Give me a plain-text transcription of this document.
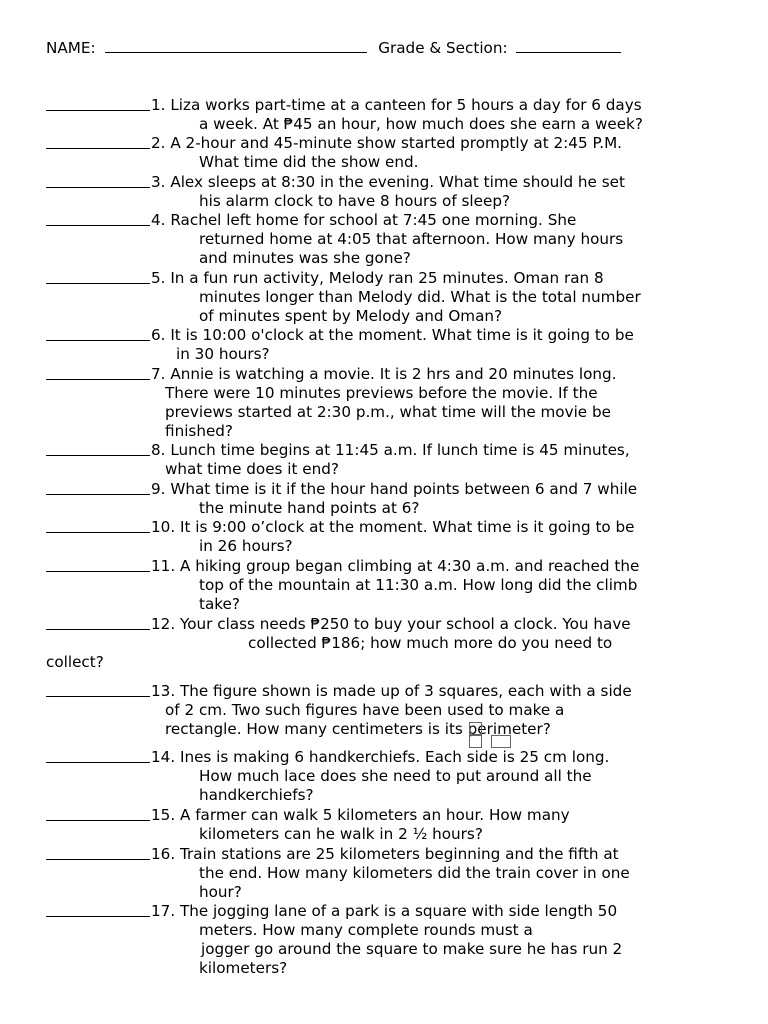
NAME:	Grade & Section:
1. Liza works part-time at a canteen for 5 hours a day for 6 days
a week. At ₱45 an hour, how much does she earn a week?
2. A 2-hour and 45-minute show started promptly at 2:45 P.M.
What time did the show end.
3. Alex sleeps at 8:30 in the evening. What time should he set
his alarm clock to have 8 hours of sleep?
4. Rachel left home for school at 7:45 one morning. She
returned home at 4:05 that afternoon. How many hours
and minutes was she gone?
5. In a fun run activity, Melody ran 25 minutes. Oman ran 8
minutes longer than Melody did. What is the total number
of minutes spent by Melody and Oman?
6. It is 10:00 o'clock at the moment. What time is it going to be
in 30 hours?
7. Annie is watching a movie. It is 2 hrs and 20 minutes long.
There were 10 minutes previews before the movie. If the
previews started at 2:30 p.m., what time will the movie be
finished?
8. Lunch time begins at 11:45 a.m. If lunch time is 45 minutes,
what time does it end?
9. What time is it if the hour hand points between 6 and 7 while
the minute hand points at 6?
10. It is 9:00 o’clock at the moment. What time is it going to be
in 26 hours?
11. A hiking group began climbing at 4:30 a.m. and reached the
top of the mountain at 11:30 a.m. How long did the climb
take?
12. Your class needs ₱250 to buy your school a clock. You have
collected ₱186; how much more do you need to
collect?
13. The figure shown is made up of 3 squares, each with a side
of 2 cm. Two such figures have been used to make a
rectangle. How many centimeters is its perimeter?
14. Ines is making 6 handkerchiefs. Each side is 25 cm long.
How much lace does she need to put around all the
handkerchiefs?
15. A farmer can walk 5 kilometers an hour. How many
kilometers can he walk in 2 ½ hours?
16. Train stations are 25 kilometers beginning and the fifth at
the end. How many kilometers did the train cover in one
hour?
17. The jogging lane of a park is a square with side length 50
meters. How many complete rounds must a
jogger go around the square to make sure he has run 2
kilometers?
